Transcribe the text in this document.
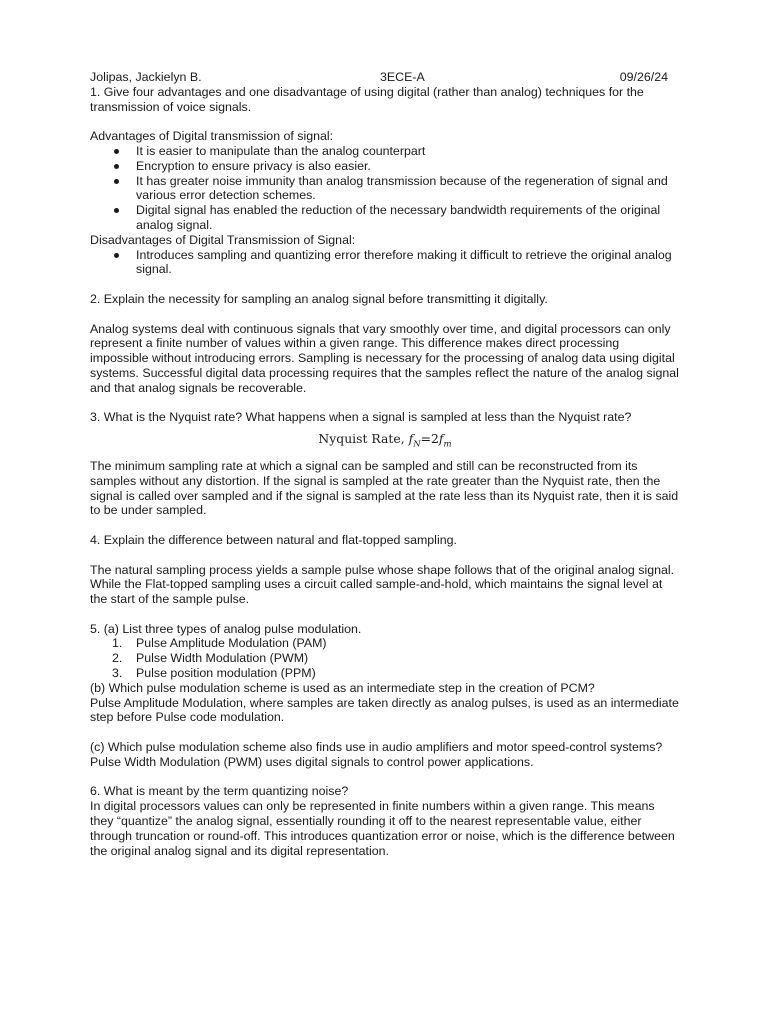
Jolipas, Jackielyn B.	3ECE-A	09/26/24

1. Give four advantages and one disadvantage of using digital (rather than analog) techniques for the transmission of voice signals.

Advantages of Digital transmission of signal:

It is easier to manipulate than the analog counterpart
Encryption to ensure privacy is also easier.
It has greater noise immunity than analog transmission because of the regeneration of signal and various error detection schemes.
Digital signal has enabled the reduction of the necessary bandwidth requirements of the original analog signal.

Disadvantages of Digital Transmission of Signal:

Introduces sampling and quantizing error therefore making it difficult to retrieve the original analog signal.

2. Explain the necessity for sampling an analog signal before transmitting it digitally.

Analog systems deal with continuous signals that vary smoothly over time, and digital processors can only represent a finite number of values within a given range. This difference makes direct processing impossible without introducing errors. Sampling is necessary for the processing of analog data using digital systems. Successful digital data processing requires that the samples reflect the nature of the analog signal and that analog signals be recoverable.

3. What is the Nyquist rate? What happens when a signal is sampled at less than the Nyquist rate?

Nyquist Rate, $f_N=2f_m$

The minimum sampling rate at which a signal can be sampled and still can be reconstructed from its samples without any distortion. If the signal is sampled at the rate greater than the Nyquist rate, then the signal is called over sampled and if the signal is sampled at the rate less than its Nyquist rate, then it is said to be under sampled.

4. Explain the difference between natural and flat-topped sampling.

The natural sampling process yields a sample pulse whose shape follows that of the original analog signal. While the Flat-topped sampling uses a circuit called sample-and-hold, which maintains the signal level at the start of the sample pulse.

5. (a) List three types of analog pulse modulation.

1. Pulse Amplitude Modulation (PAM)
2. Pulse Width Modulation (PWM)
3. Pulse position modulation (PPM)

(b) Which pulse modulation scheme is used as an intermediate step in the creation of PCM?

Pulse Amplitude Modulation, where samples are taken directly as analog pulses, is used as an intermediate step before Pulse code modulation.

(c) Which pulse modulation scheme also finds use in audio amplifiers and motor speed-control systems?

Pulse Width Modulation (PWM) uses digital signals to control power applications.

6. What is meant by the term quantizing noise?

In digital processors values can only be represented in finite numbers within a given range. This means they “quantize” the analog signal, essentially rounding it off to the nearest representable value, either through truncation or round-off. This introduces quantization error or noise, which is the difference between the original analog signal and its digital representation.
